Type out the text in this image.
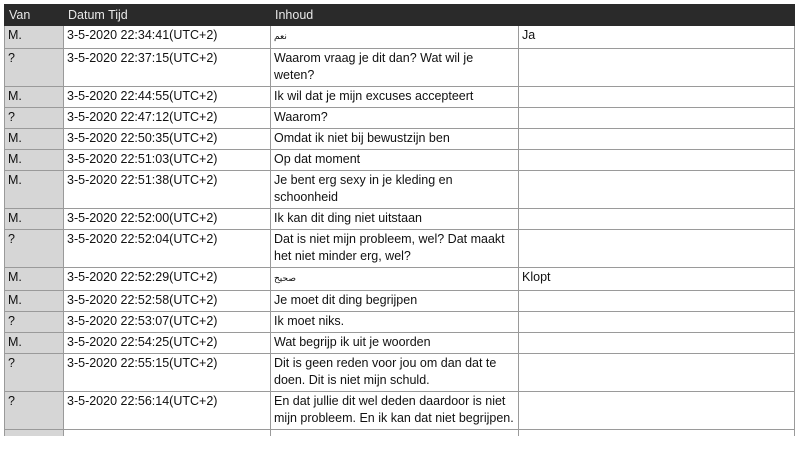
Van	Datum Tijd	Inhoud	
M.	3-5-2020 22:34:41(UTC+2)	نعم	Ja
?	3-5-2020 22:37:15(UTC+2)	Waarom vraag je dit dan? Wat wil je weten?	
M.	3-5-2020 22:44:55(UTC+2)	Ik wil dat je mijn excuses accepteert	
?	3-5-2020 22:47:12(UTC+2)	Waarom?	
M.	3-5-2020 22:50:35(UTC+2)	Omdat ik niet bij bewustzijn ben	
M.	3-5-2020 22:51:03(UTC+2)	Op dat moment	
M.	3-5-2020 22:51:38(UTC+2)	Je bent erg sexy in je kleding en schoonheid	
M.	3-5-2020 22:52:00(UTC+2)	Ik kan dit ding niet uitstaan	
?	3-5-2020 22:52:04(UTC+2)	Dat is niet mijn probleem, wel? Dat maakt het niet minder erg, wel?	
M.	3-5-2020 22:52:29(UTC+2)	صحيح	Klopt
M.	3-5-2020 22:52:58(UTC+2)	Je moet dit ding begrijpen	
?	3-5-2020 22:53:07(UTC+2)	Ik moet niks.	
M.	3-5-2020 22:54:25(UTC+2)	Wat begrijp ik uit je woorden	
?	3-5-2020 22:55:15(UTC+2)	Dit is geen reden voor jou om dan dat te doen. Dit is niet mijn schuld.	
?	3-5-2020 22:56:14(UTC+2)	En dat jullie dit wel deden daardoor is niet mijn probleem. En ik kan dat niet begrijpen.	
